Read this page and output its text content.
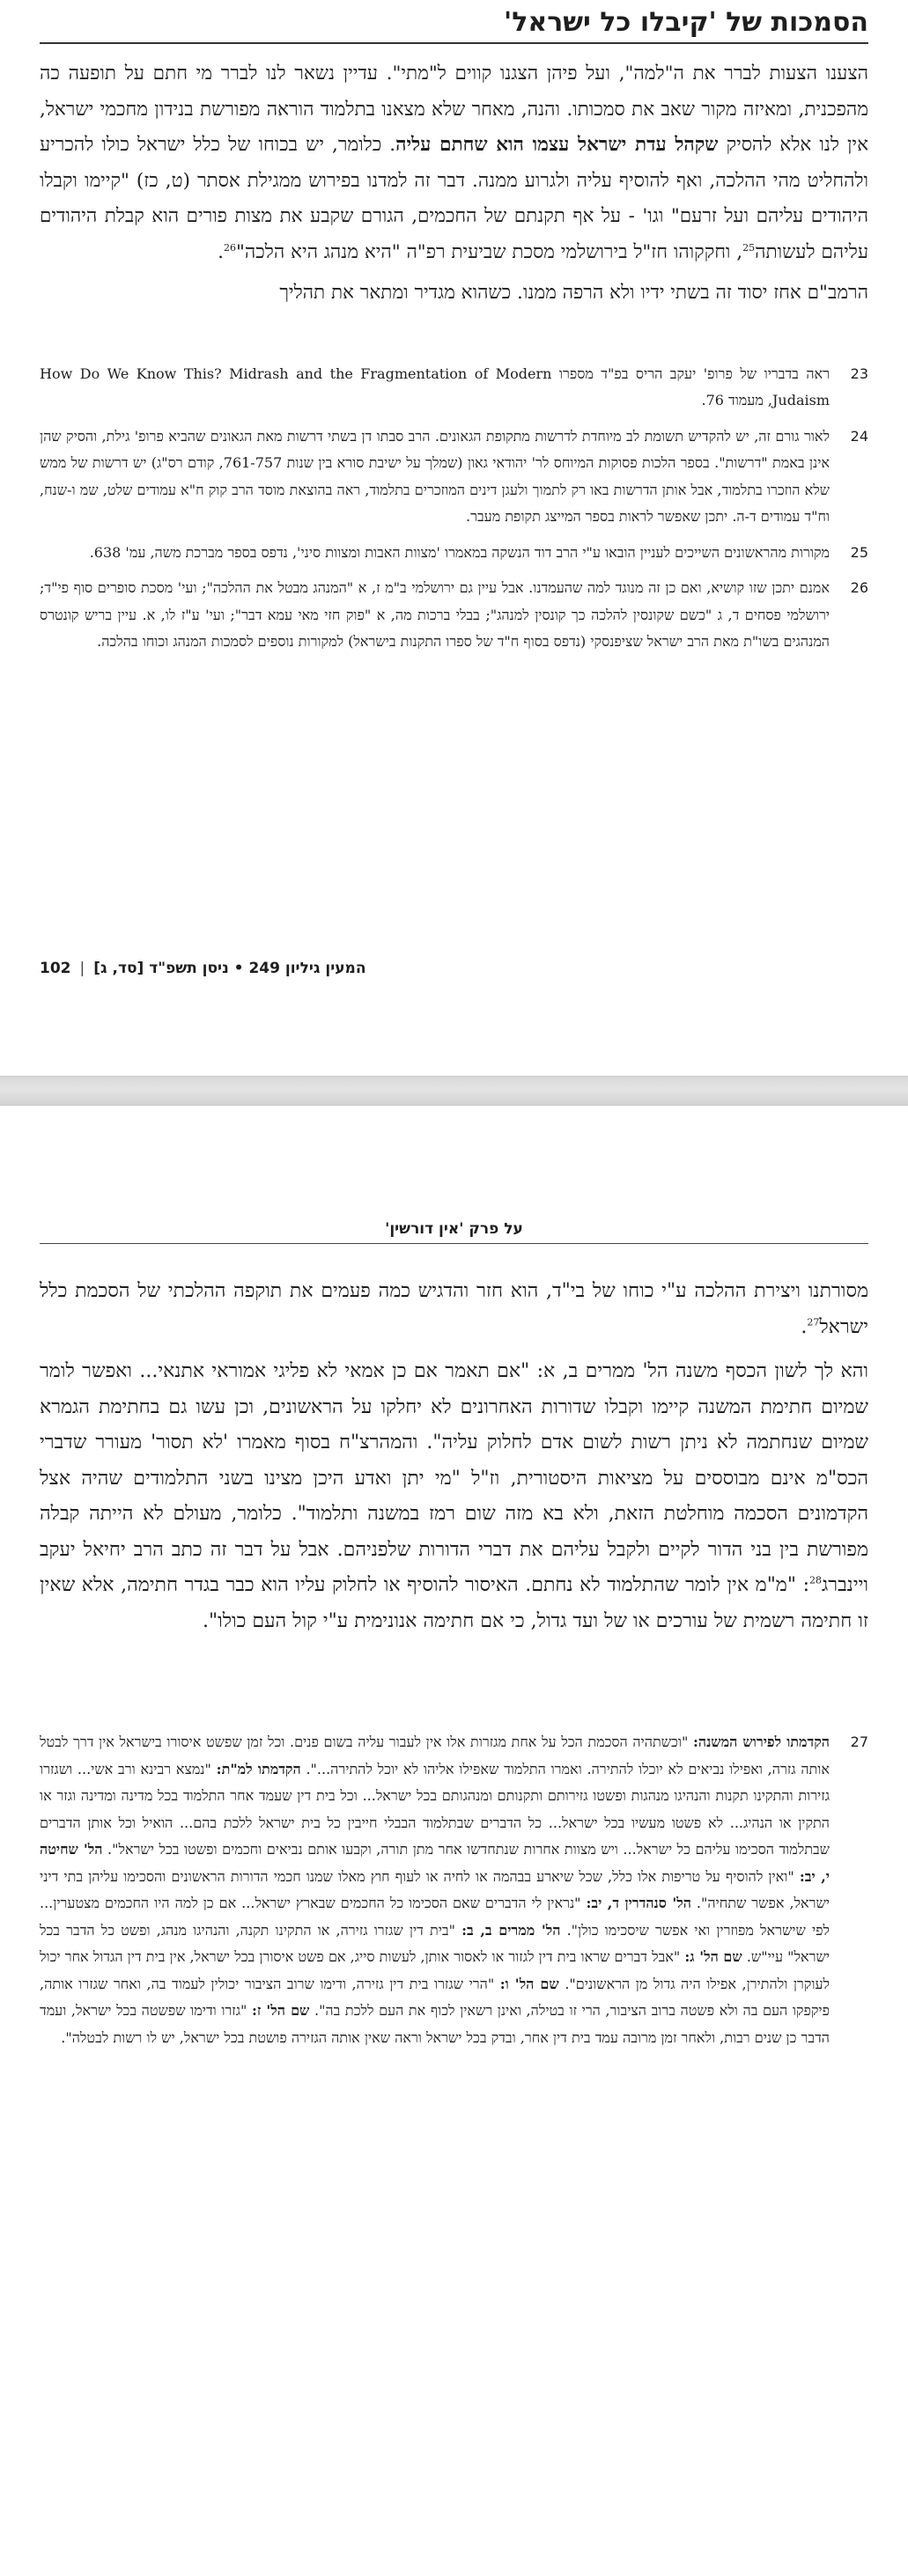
הסמכות של 'קיבלו כל ישראל'

הצענו הצעות לברר את ה"למה", ועל פיהן הצגנו קווים ל"מתי". עדיין נשאר לנו לברר מי חתם על תופעה כה מהפכנית, ומאיזה מקור שאב את סמכותו. והנה, מאחר שלא מצאנו בתלמוד הוראה מפורשת בנידון מחכמי ישראל, אין לנו אלא להסיק שקהל עדת ישראל עצמו הוא שחתם עליה. כלומר, יש בכוחו של כלל ישראל כולו להכריע ולהחליט מהי ההלכה, ואף להוסיף עליה ולגרוע ממנה. דבר זה למדנו בפירוש ממגילת אסתר (ט, כז) "קיימו וקבלו היהודים עליהם ועל זרעם" וגו' - על אף תקנתם של החכמים, הגורם שקבע את מצות פורים הוא קבלת היהודים עליהם לעשותה$^{25}$, וחקקוהו חז"ל בירושלמי מסכת שביעית רפ"ה "היא מנהג היא הלכה"$^{26}$.

הרמב"ם אחז יסוד זה בשתי ידיו ולא הרפה ממנו. כשהוא מגדיר ומתאר את תהליך

23
ראה בדבריו של פרופ' יעקב הריס בפ"ד מספרו How Do We Know This? Midrash and the Fragmentation of Modern Judaism, מעמוד 76.
24
לאור גורם זה, יש להקדיש תשומת לב מיוחדת לדרשות מתקופת הגאונים. הרב סבתו דן בשתי דרשות מאת הגאונים שהביא פרופ' גילת, והסיק שהן אינן באמת "דרשות". בספר הלכות פסוקות המיוחס לר' יהודאי גאון (שמלך על ישיבת סורא בין שנות 761-757, קודם רס"ג) יש דרשות של ממש שלא הוזכרו בתלמוד, אבל אותן הדרשות באו רק לתמוך ולעגן דינים המוזכרים בתלמוד, ראה בהוצאת מוסד הרב קוק ח"א עמודים שלט, שמ ו-שנח, וח"ד עמודים ד-ה. יתכן שאפשר לראות בספר המייצג תקופת מעבר.
25
מקורות מהראשונים השייכים לעניין הובאו ע"י הרב דוד הנשקה במאמרו 'מצוות האבות ומצוות סיני', נדפס בספר מברכת משה, עמ' 638.
26
אמנם יתכן שזו קושיא, ואם כן זה מנוגד למה שהעמדנו. אבל עיין גם ירושלמי ב"מ ז, א "המנהג מבטל את ההלכה"; ועי' מסכת סופרים סוף פי"ד; ירושלמי פסחים ד, ג "כשם שקונסין להלכה כך קונסין למנהג"; בבלי ברכות מה, א "פוק חזי מאי עמא דבר"; ועי' ע"ז לו, א. עיין בריש קונטרס המנהגים בשו"ת מאת הרב ישראל שציפנסקי (נדפס בסוף ח"ד של ספרו התקנות בישראל) למקורות נוספים לסמכות המנהג וכוחו בהלכה.
המעין גיליון 249 • ניסן תשפ"ד [סד, ג]
|
102
על פרק 'אין דורשין'

מסורתנו ויצירת ההלכה ע"י כוחו של בי"ד, הוא חזר והדגיש כמה פעמים את תוקפה ההלכתי של הסכמת כלל ישראל$^{27}$.

והא לך לשון הכסף משנה הל' ממרים ב, א: "אם תאמר אם כן אמאי לא פליגי אמוראי אתנאי... ואפשר לומר שמיום חתימת המשנה קיימו וקבלו שדורות האחרונים לא יחלקו על הראשונים, וכן עשו גם בחתימת הגמרא שמיום שנחתמה לא ניתן רשות לשום אדם לחלוק עליה". והמהרצ"ח בסוף מאמרו 'לא תסור' מעורר שדברי הכס"מ אינם מבוססים על מציאות היסטורית, וז"ל "מי יתן ואדע היכן מצינו בשני התלמודים שהיה אצל הקדמונים הסכמה מוחלטת הזאת, ולא בא מזה שום רמז במשנה ותלמוד". כלומר, מעולם לא הייתה קבלה מפורשת בין בני הדור לקיים ולקבל עליהם את דברי הדורות שלפניהם. אבל על דבר זה כתב הרב יחיאל יעקב ויינברג$^{28}$: "מ"מ אין לומר שהתלמוד לא נחתם. האיסור להוסיף או לחלוק עליו הוא כבר בגדר חתימה, אלא שאין זו חתימה רשמית של עורכים או של ועד גדול, כי אם חתימה אנונימית ע"י קול העם כולו".

27
הקדמתו לפירוש המשנה: "וכשתהיה הסכמת הכל על אחת מגזרות אלו אין לעבור עליה בשום פנים. וכל זמן שפשט איסורו בישראל אין דרך לבטל אותה גזרה, ואפילו נביאים לא יוכלו להתירה. ואמרו התלמוד שאפילו אליהו לא יוכל להתירה...". הקדמתו למ"ת: "נמצא רבינא ורב אשי... ושגזרו גזירות והתקינו תקנות והנהיגו מנהגות ופשטו גזירותם ותקנותם ומנהגותם בכל ישראל... וכל בית דין שעמד אחר התלמוד בכל מדינה ומדינה וגזר או התקין או הנהיג... לא פשטו מעשיו בכל ישראל... כל הדברים שבתלמוד הבבלי חייבין כל בית ישראל ללכת בהם... הואיל וכל אותן הדברים שבתלמוד הסכימו עליהם כל ישראל... ויש מצוות אחרות שנתחדשו אחר מתן תורה, וקבעו אותם נביאים וחכמים ופשטו בכל ישראל". הל' שחיטה י, יב: "ואין להוסיף על טריפות אלו כלל, שכל שיארע בבהמה או לחיה או לעוף חוץ מאלו שמנו חכמי הדורות הראשונים והסכימו עליהן בתי דיני ישראל, אפשר שתחיה". הל' סנהדרין ד, יב: "נראין לי הדברים שאם הסכימו כל החכמים שבארץ ישראל... אם כן למה היו החכמים מצטערין... לפי שישראל מפוזרין ואי אפשר שיסכימו כולן". הל' ממרים ב, ב: "בית דין שגזרו גזירה, או התקינו תקנה, והנהיגו מנהג, ופשט כל הדבר בכל ישראל" עיי"ש. שם הל' ג: "אבל דברים שראו בית דין לגזור או לאסור אותן, לעשות סייג, אם פשט איסורן בכל ישראל, אין בית דין הגדול אחר יכול לעוקרן ולהתירן, אפילו היה גדול מן הראשונים". שם הל' ו: "הרי שגזרו בית דין גזירה, ודימו שרוב הציבור יכולין לעמוד בה, ואחר שגזרו אותה, פיקפקו העם בה ולא פשטה ברוב הציבור, הרי זו בטילה, ואינן רשאין לכוף את העם ללכת בה". שם הל' ז: "גזרו ודימו שפשטה בכל ישראל, ועמד הדבר כן שנים רבות, ולאחר זמן מרובה עמד בית דין אחר, ובדק בכל ישראל וראה שאין אותה הגזירה פושטת בכל ישראל, יש לו רשות לבטלה".
